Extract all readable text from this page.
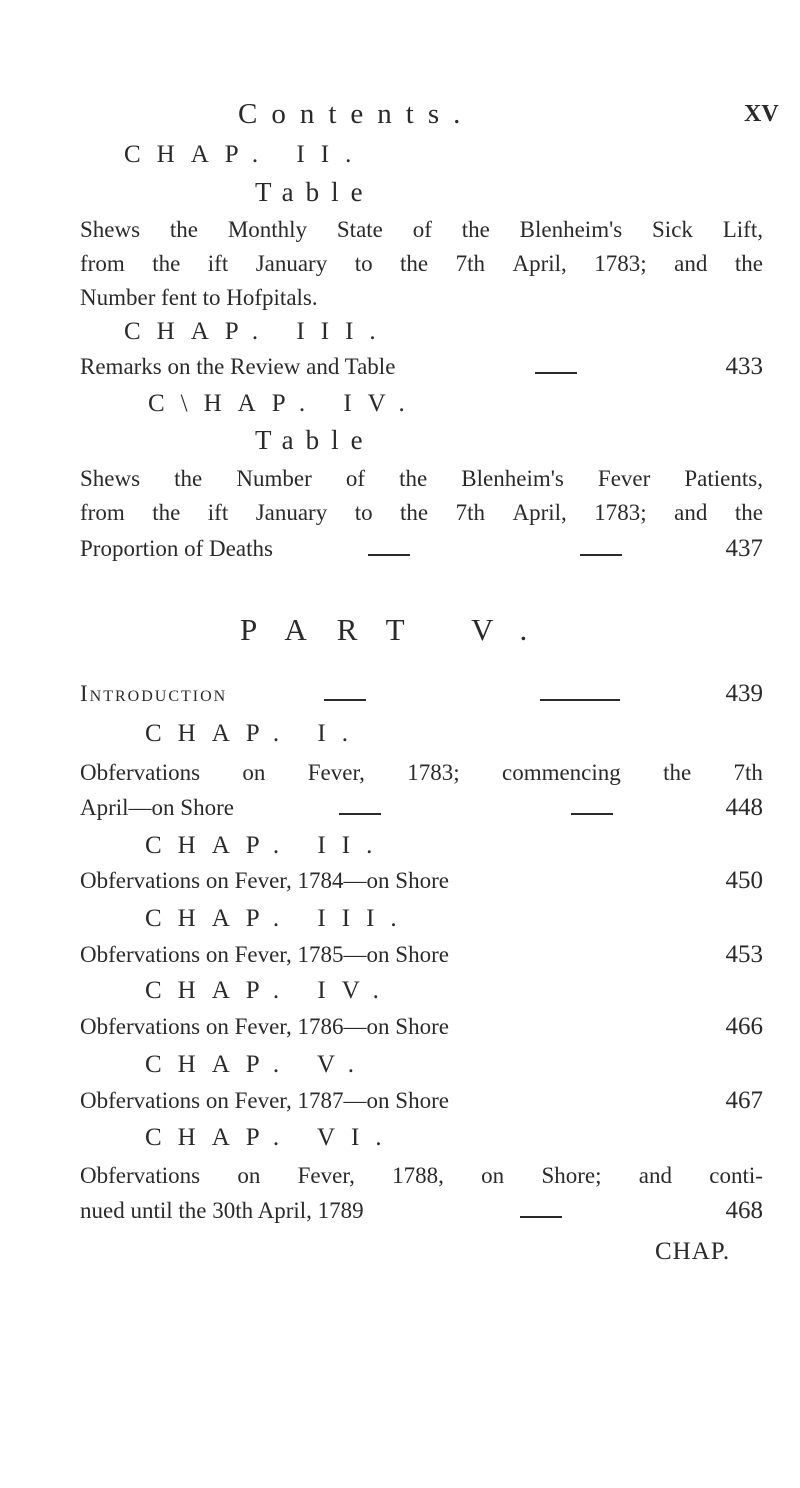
Contents.	XV
CHAP. II.
Table
Shews the Monthly State of the Blenheim's Sick Lift,
from the ift January to the 7th April, 1783; and the
Number fent to Hofpitals.
CHAP. III.
Remarks on the Review and Table	433
C\HAP. IV.
Table
Shews the Number of the Blenheim's Fever Patients,
from the ift January to the 7th April, 1783; and the
Proportion of Deaths	437
PART V.
Introduction	439
CHAP. I.
Obfervations on Fever, 1783; commencing the 7th
April—on Shore	448
CHAP. II.
Obfervations on Fever, 1784—on Shore	450
CHAP. III.
Obfervations on Fever, 1785—on Shore	453
CHAP. IV.
Obfervations on Fever, 1786—on Shore	466
CHAP. V.
Obfervations on Fever, 1787—on Shore	467
CHAP. VI.
Obfervations on Fever, 1788, on Shore; and conti-
nued until the 30th April, 1789	468
CHAP.
